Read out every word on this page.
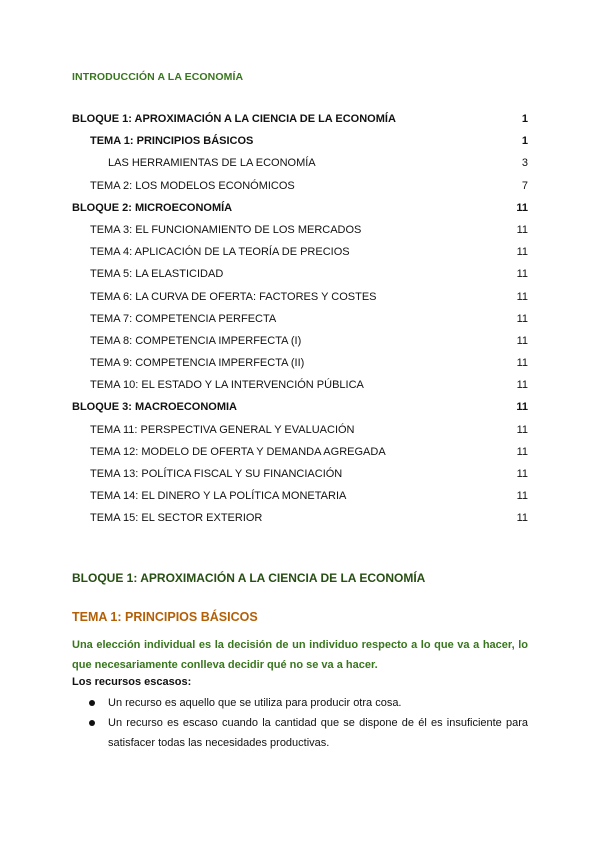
INTRODUCCIÓN A LA ECONOMÍA
BLOQUE 1: APROXIMACIÓN A LA CIENCIA DE LA ECONOMÍA	1
TEMA 1: PRINCIPIOS BÁSICOS	1
LAS HERRAMIENTAS DE LA ECONOMÍA	3
TEMA 2: LOS MODELOS ECONÓMICOS	7
BLOQUE 2: MICROECONOMÍA	11
TEMA 3: EL FUNCIONAMIENTO DE LOS MERCADOS	11
TEMA 4: APLICACIÓN DE LA TEORÍA DE PRECIOS	11
TEMA 5: LA ELASTICIDAD	11
TEMA 6: LA CURVA DE OFERTA: FACTORES Y COSTES	11
TEMA 7: COMPETENCIA PERFECTA	11
TEMA 8: COMPETENCIA IMPERFECTA (I)	11
TEMA 9: COMPETENCIA IMPERFECTA (II)	11
TEMA 10: EL ESTADO Y LA INTERVENCIÓN PÚBLICA	11
BLOQUE 3: MACROECONOMIA	11
TEMA 11: PERSPECTIVA GENERAL Y EVALUACIÓN	11
TEMA 12: MODELO DE OFERTA Y DEMANDA AGREGADA	11
TEMA 13: POLÍTICA FISCAL Y SU FINANCIACIÓN	11
TEMA 14: EL DINERO Y LA POLÍTICA MONETARIA	11
TEMA 15: EL SECTOR EXTERIOR	11
BLOQUE 1: APROXIMACIÓN A LA CIENCIA DE LA ECONOMÍA
TEMA 1: PRINCIPIOS BÁSICOS
Una elección individual es la decisión de un individuo respecto a lo que va a hacer, lo que necesariamente conlleva decidir qué no se va a hacer.
Los recursos escasos:
Un recurso es aquello que se utiliza para producir otra cosa.
Un recurso es escaso cuando la cantidad que se dispone de él es insuficiente para satisfacer todas las necesidades productivas.
